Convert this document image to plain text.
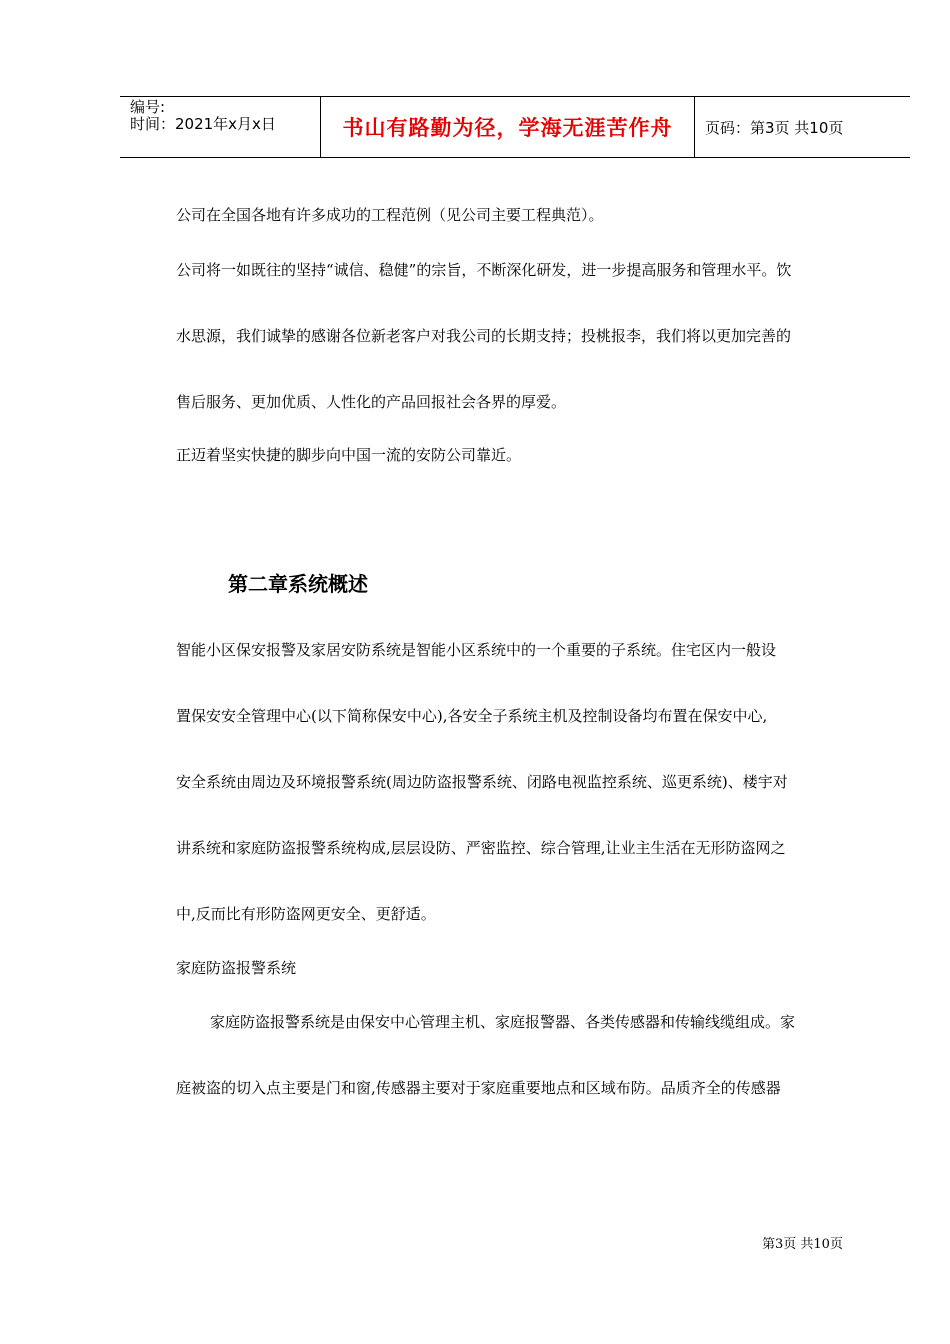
编号:
时间：2021年x月x日	书山有路勤为径，学海无涯苦作舟 页码：第3页 共10页
公司在全国各地有许多成功的工程范例（见公司主要工程典范）。
公司将一如既往的坚持“诚信、稳健”的宗旨，不断深化研发，进一步提高服务和管理水平。饮
水思源，我们诚挚的感谢各位新老客户对我公司的长期支持；投桃报李，我们将以更加完善的
售后服务、更加优质、人性化的产品回报社会各界的厚爱。
正迈着坚实快捷的脚步向中国一流的安防公司靠近。
第二章系统概述
智能小区保安报警及家居安防系统是智能小区系统中的一个重要的子系统。住宅区内一般设
置保安安全管理中心(以下简称保安中心),各安全子系统主机及控制设备均布置在保安中心,
安全系统由周边及环境报警系统(周边防盗报警系统、闭路电视监控系统、巡更系统)、楼宇对
讲系统和家庭防盗报警系统构成,层层设防、严密监控、综合管理,让业主生活在无形防盗网之
中,反而比有形防盗网更安全、更舒适。
家庭防盗报警系统
家庭防盗报警系统是由保安中心管理主机、家庭报警器、各类传感器和传输线缆组成。家
庭被盗的切入点主要是门和窗,传感器主要对于家庭重要地点和区域布防。品质齐全的传感器
第3页 共10页
